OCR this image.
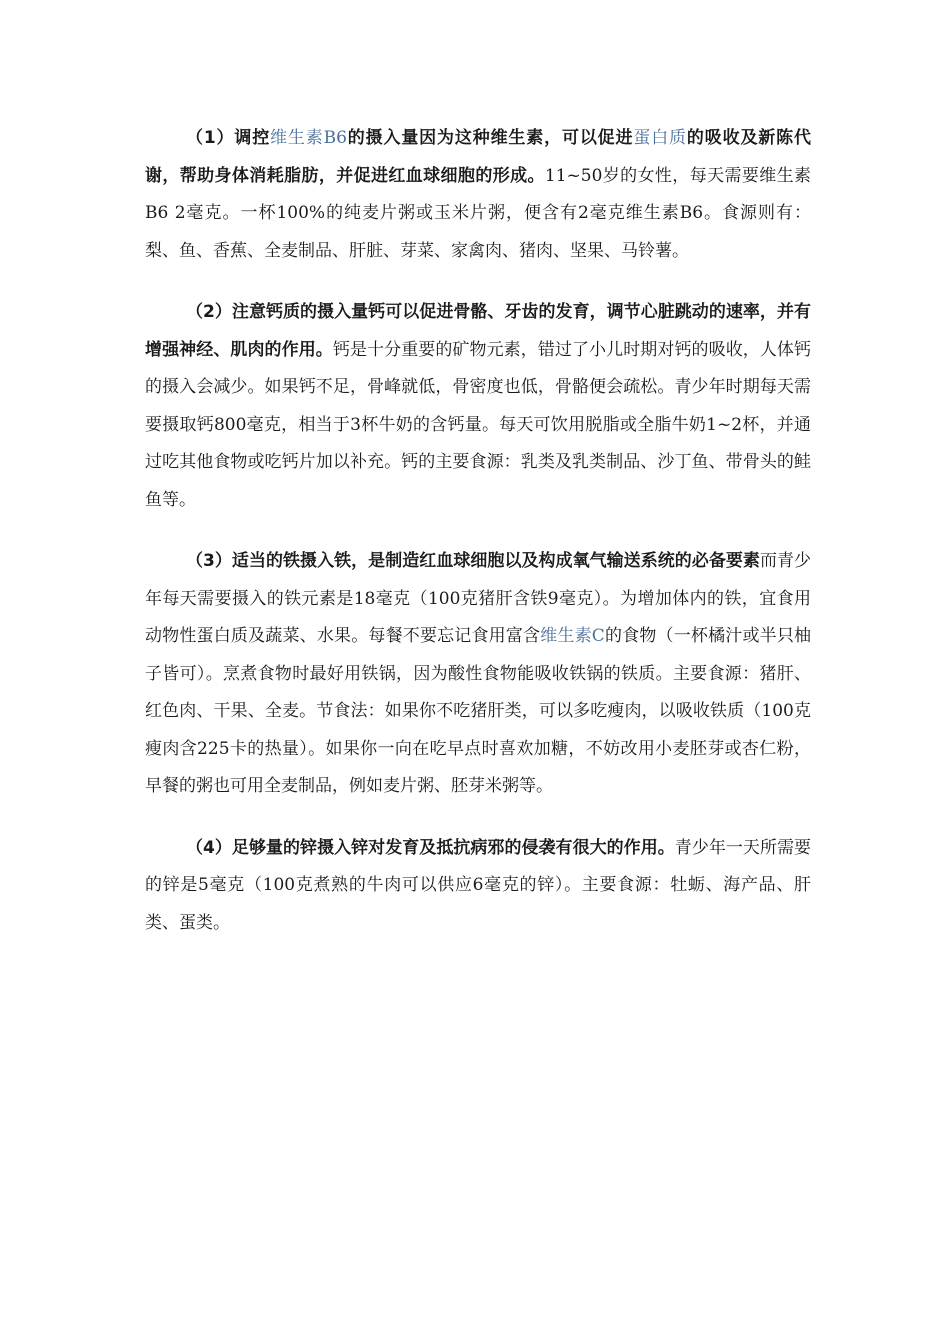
（1）调控维生素B6的摄入量因为这种维生素，可以促进蛋白质的吸收及新陈代谢，帮助身体消耗脂肪，并促进红血球细胞的形成。11~50岁的女性，每天需要维生素B6 2毫克。一杯100%的纯麦片粥或玉米片粥，便含有2毫克维生素B6。食源则有：梨、鱼、香蕉、全麦制品、肝脏、芽菜、家禽肉、猪肉、坚果、马铃薯。

（2）注意钙质的摄入量钙可以促进骨骼、牙齿的发育，调节心脏跳动的速率，并有增强神经、肌肉的作用。钙是十分重要的矿物元素，错过了小儿时期对钙的吸收，人体钙的摄入会减少。如果钙不足，骨峰就低，骨密度也低，骨骼便会疏松。青少年时期每天需要摄取钙800毫克，相当于3杯牛奶的含钙量。每天可饮用脱脂或全脂牛奶1~2杯，并通过吃其他食物或吃钙片加以补充。钙的主要食源：乳类及乳类制品、沙丁鱼、带骨头的鲑鱼等。

（3）适当的铁摄入铁，是制造红血球细胞以及构成氧气输送系统的必备要素而青少年每天需要摄入的铁元素是18毫克（100克猪肝含铁9毫克）。为增加体内的铁，宜食用动物性蛋白质及蔬菜、水果。每餐不要忘记食用富含维生素C的食物（一杯橘汁或半只柚子皆可）。烹煮食物时最好用铁锅，因为酸性食物能吸收铁锅的铁质。主要食源：猪肝、红色肉、干果、全麦。节食法：如果你不吃猪肝类，可以多吃瘦肉，以吸收铁质（100克瘦肉含225卡的热量）。如果你一向在吃早点时喜欢加糖，不妨改用小麦胚芽或杏仁粉，早餐的粥也可用全麦制品，例如麦片粥、胚芽米粥等。

（4）足够量的锌摄入锌对发育及抵抗病邪的侵袭有很大的作用。青少年一天所需要的锌是5毫克（100克煮熟的牛肉可以供应6毫克的锌）。主要食源：牡蛎、海产品、肝类、蛋类。
